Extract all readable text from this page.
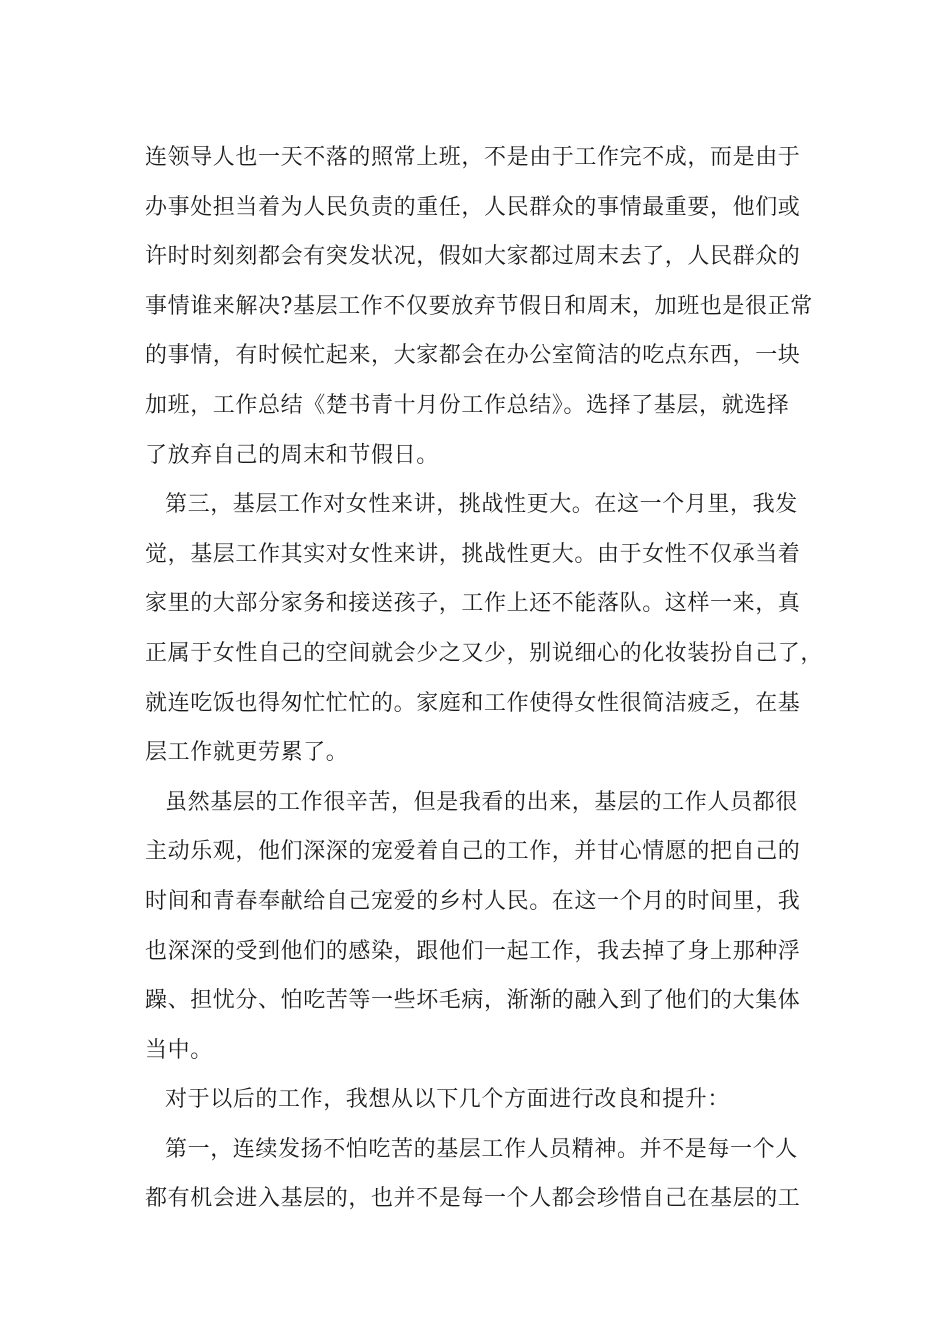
连领导人也一天不落的照常上班，不是由于工作完不成，而是由于
办事处担当着为人民负责的重任，人民群众的事情最重要，他们或
许时时刻刻都会有突发状况，假如大家都过周末去了，人民群众的
事情谁来解决?基层工作不仅要放弃节假日和周末，加班也是很正常
的事情，有时候忙起来，大家都会在办公室简洁的吃点东西，一块
加班，工作总结《楚书青十月份工作总结》。选择了基层，就选择
了放弃自己的周末和节假日。
第三，基层工作对女性来讲，挑战性更大。在这一个月里，我发
觉，基层工作其实对女性来讲，挑战性更大。由于女性不仅承当着
家里的大部分家务和接送孩子，工作上还不能落队。这样一来，真
正属于女性自己的空间就会少之又少，别说细心的化妆装扮自己了，
就连吃饭也得匆忙忙忙的。家庭和工作使得女性很简洁疲乏，在基
层工作就更劳累了。
虽然基层的工作很辛苦，但是我看的出来，基层的工作人员都很
主动乐观，他们深深的宠爱着自己的工作，并甘心情愿的把自己的
时间和青春奉献给自己宠爱的乡村人民。在这一个月的时间里，我
也深深的受到他们的感染，跟他们一起工作，我去掉了身上那种浮
躁、担忧分、怕吃苦等一些坏毛病，渐渐的融入到了他们的大集体
当中。
对于以后的工作，我想从以下几个方面进行改良和提升：
第一，连续发扬不怕吃苦的基层工作人员精神。并不是每一个人
都有机会进入基层的，也并不是每一个人都会珍惜自己在基层的工
